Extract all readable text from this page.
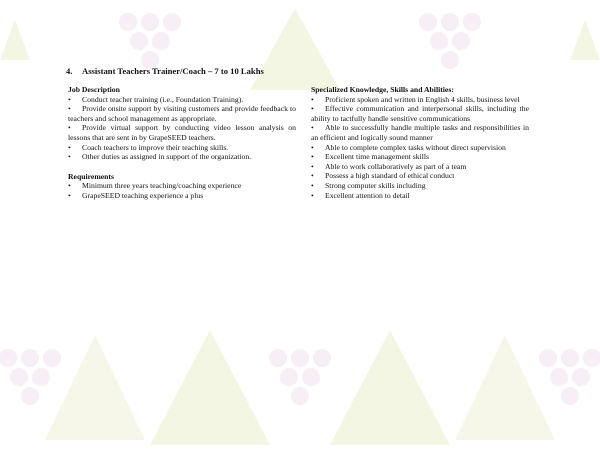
4. Assistant Teachers Trainer/Coach – 7 to 10 Lakhs
Job Description
• Conduct teacher training (i.e., Foundation Training).
• Provide onsite support by visiting customers and provide feedback to teachers and school management as appropriate.
• Provide virtual support by conducting video lesson analysis on lessons that are sent in by GrapeSEED teachers.
• Coach teachers to improve their teaching skills.
• Other duties as assigned in support of the organization.
Requirements
• Minimum three years teaching/coaching experience
• GrapeSEED teaching experience a plus
Specialized Knowledge, Skills and Abilities:
• Proficient spoken and written in English 4 skills, business level
• Effective communication and interpersonal skills, including the ability to tactfully handle sensitive communications
• Able to successfully handle multiple tasks and responsibilities in an efficient and logically sound manner
• Able to complete complex tasks without direct supervision
• Excellent time management skills
• Able to work collaboratively as part of a team
• Possess a high standard of ethical conduct
• Strong computer skills including
• Excellent attention to detail
